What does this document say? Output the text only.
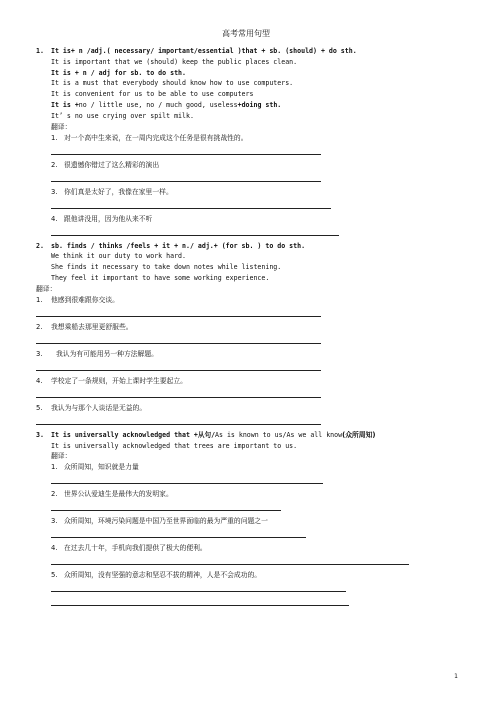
高考常用句型
1. It is+ n /adj.( necessary/ important/essential )that + sb. (should) + do sth.
It is important that we (should) keep the public places clean.
It is + n / adj for sb. to do sth.
It is a must that everybody should know how to use computers.
It is convenient for us to be able to use computers
It is +no / little use, no / much good, useless+doing sth.
It’ s no use crying over spilt milk.
翻译：
1. 对一个高中生来说，在一周内完成这个任务是很有挑战性的。
2. 很遗憾你错过了这么精彩的演出
3. 你们真是太好了，我像在家里一样。
4. 跟他讲没用，因为他从来不听
2. sb. finds / thinks /feels + it + n./ adj.+ (for sb. ) to do sth.
We think it our duty to work hard.
She finds it necessary to take down notes while listening.
They feel it important to have some working experience.
翻译：
1. 他感到很难跟你交谈。
2. 我想乘船去那里更舒服些。
3. 我认为有可能用另一种方法解题。
4. 学校定了一条规则，开始上课时学生要起立。
5. 我认为与那个人谈话是无益的。
3. It is universally acknowledged that +从句/As is known to us/As we all know(众所周知)
It is universally acknowledged that trees are important to us.
翻译：
1. 众所周知，知识就是力量
2. 世界公认爱迪生是最伟大的发明家。
3. 众所周知，环境污染问题是中国乃至世界面临的最为严重的问题之一
4. 在过去几十年，手机向我们提供了极大的便利。
5. 众所周知，没有坚强的意志和坚忍不拔的精神，人是不会成功的。
1
